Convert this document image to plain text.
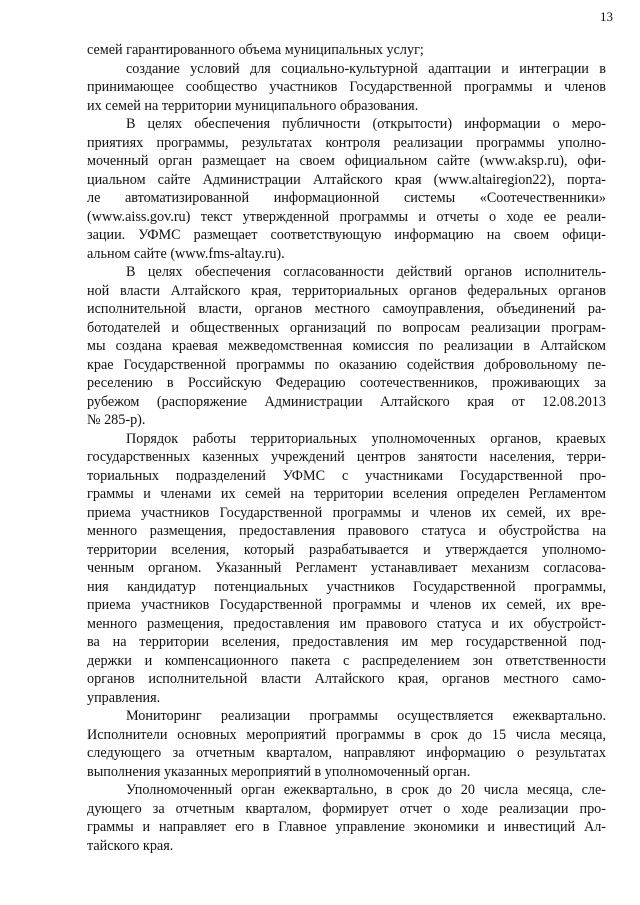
13
семей гарантированного объема муниципальных услуг;
создание условий для социально-культурной адаптации и интеграции в
принимающее сообщество участников Государственной программы и членов
их семей на территории муниципального образования.
В целях обеспечения публичности (открытости) информации о меро-
приятиях программы, результатах контроля реализации программы уполно-
моченный орган размещает на своем официальном сайте (www.aksp.ru), офи-
циальном сайте Администрации Алтайского края (www.altairegion22), порта-
ле автоматизированной информационной системы «Соотечественники»
(www.aiss.gov.ru) текст утвержденной программы и отчеты о ходе ее реали-
зации. УФМС размещает соответствующую информацию на своем офици-
альном сайте (www.fms-altay.ru).
В целях обеспечения согласованности действий органов исполнитель-
ной власти Алтайского края, территориальных органов федеральных органов
исполнительной власти, органов местного самоуправления, объединений ра-
ботодателей и общественных организаций по вопросам реализации програм-
мы создана краевая межведомственная комиссия по реализации в Алтайском
крае Государственной программы по оказанию содействия добровольному пе-
реселению в Российскую Федерацию соотечественников, проживающих за
рубежом (распоряжение Администрации Алтайского края от 12.08.2013
№ 285-р).
Порядок работы территориальных уполномоченных органов, краевых
государственных казенных учреждений центров занятости населения, терри-
ториальных подразделений УФМС с участниками Государственной про-
граммы и членами их семей на территории вселения определен Регламентом
приема участников Государственной программы и членов их семей, их вре-
менного размещения, предоставления правового статуса и обустройства на
территории вселения, который разрабатывается и утверждается уполномо-
ченным органом. Указанный Регламент устанавливает механизм согласова-
ния кандидатур потенциальных участников Государственной программы,
приема участников Государственной программы и членов их семей, их вре-
менного размещения, предоставления им правового статуса и их обустройст-
ва на территории вселения, предоставления им мер государственной под-
держки и компенсационного пакета с распределением зон ответственности
органов исполнительной власти Алтайского края, органов местного само-
управления.
Мониторинг реализации программы осуществляется ежеквартально.
Исполнители основных мероприятий программы в срок до 15 числа месяца,
следующего за отчетным кварталом, направляют информацию о результатах
выполнения указанных мероприятий в уполномоченный орган.
Уполномоченный орган ежеквартально, в срок до 20 числа месяца, сле-
дующего за отчетным кварталом, формирует отчет о ходе реализации про-
граммы и направляет его в Главное управление экономики и инвестиций Ал-
тайского края.
